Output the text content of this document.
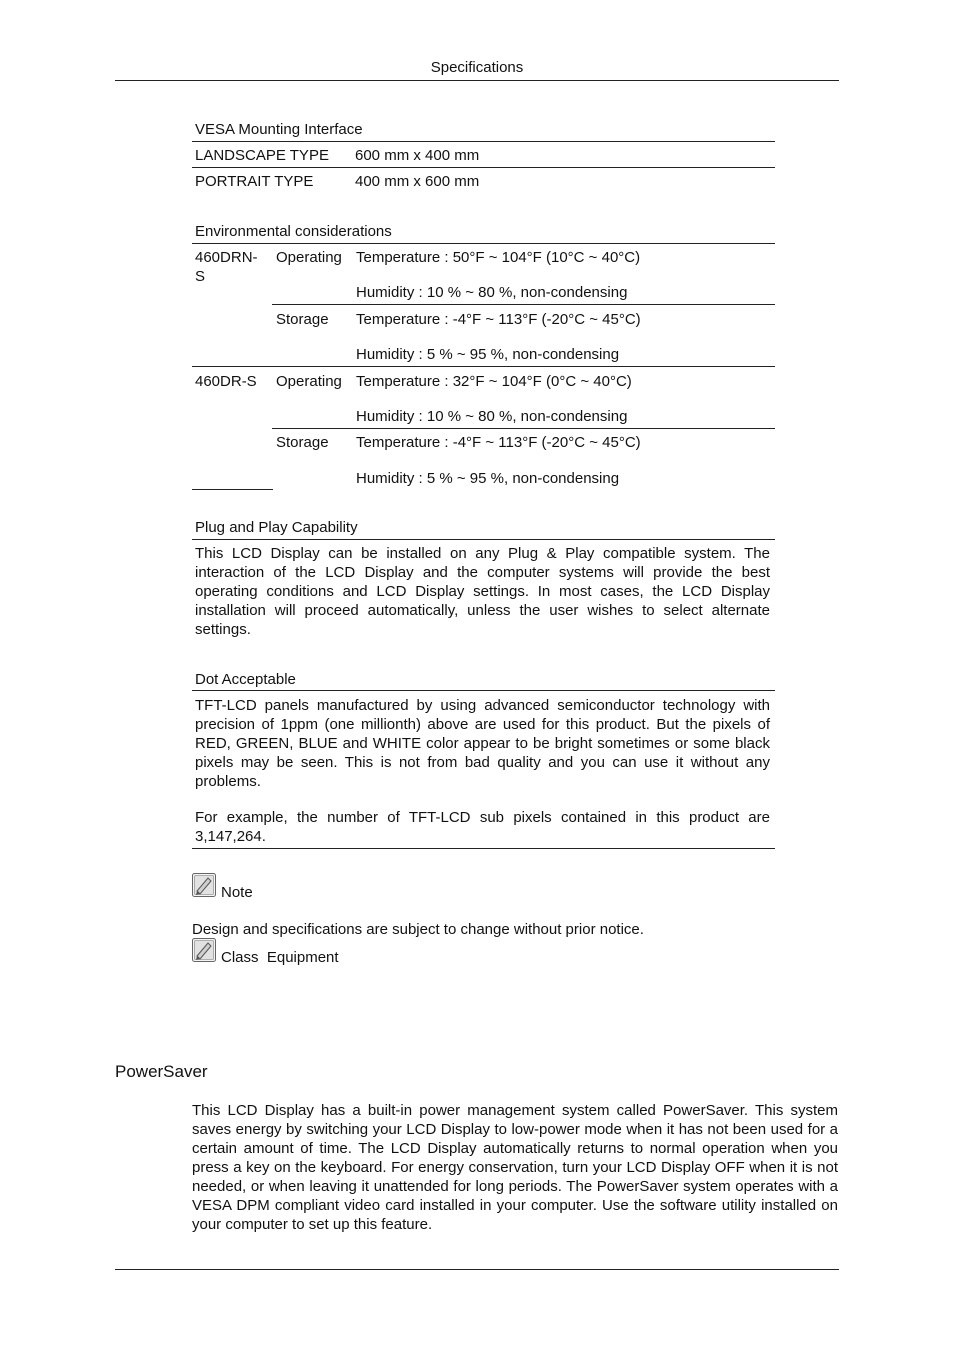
Specifications
VESA Mounting Interface
LANDSCAPE TYPE 600 mm x 400 mm
PORTRAIT TYPE	400 mm x 600 mm
Environmental considerations
460DRN-
S
Operating Temperature : 50°F ~ 104°F (10°C ~ 40°C)
Humidity : 10 % ~ 80 %, non-condensing
Storage Temperature : -4°F ~ 113°F (-20°C ~ 45°C)
Humidity : 5 % ~ 95 %, non-condensing
460DR-S Operating Temperature : 32°F ~ 104°F (0°C ~ 40°C)
Humidity : 10 % ~ 80 %, non-condensing
Storage Temperature : -4°F ~ 113°F (-20°C ~ 45°C)
Humidity : 5 % ~ 95 %, non-condensing
Plug and Play Capability
This LCD Display can be installed on any Plug & Play compatible system. The interaction of the LCD Display and the computer systems will provide the best operating conditions and LCD Display settings. In most cases, the LCD Display installation will proceed automatically, unless the user wishes to select alternate settings.
Dot Acceptable
TFT-LCD panels manufactured by using advanced semiconductor technology with precision of 1ppm (one millionth) above are used for this product. But the pixels of RED, GREEN, BLUE and WHITE color appear to be bright sometimes or some black pixels may be seen. This is not from bad quality and you can use it without any problems.
For example, the number of TFT-LCD sub pixels contained in this product are 3,147,264.
Note
Design and specifications are subject to change without prior notice.
Class  Equipment
PowerSaver
This LCD Display has a built-in power management system called PowerSaver. This system saves energy by switching your LCD Display to low-power mode when it has not been used for a certain amount of time. The LCD Display automatically returns to normal operation when you press a key on the keyboard. For energy conservation, turn your LCD Display OFF when it is not needed, or when leaving it unattended for long periods. The PowerSaver system operates with a VESA DPM compliant video card installed in your computer. Use the software utility installed on your computer to set up this feature.
